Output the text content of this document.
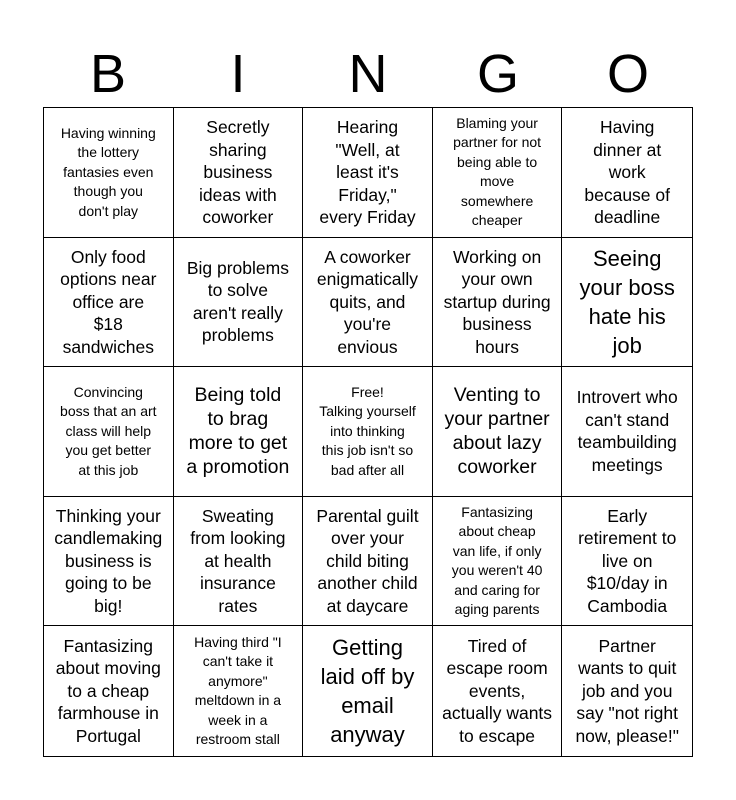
B	I	N	G	O
Having winning
the lottery
fantasies even
though you
don't play
Secretly
sharing
business
ideas with
coworker
Hearing
"Well, at
least it's
Friday,"
every Friday
Blaming your
partner for not
being able to
move
somewhere
cheaper
Having
dinner at
work
because of
deadline
Only food
options near
office are
$18
sandwiches
Big problems
to solve
aren't really
problems
A coworker
enigmatically
quits, and
you're
envious
Working on
your own
startup during
business
hours
Seeing
your boss
hate his
job
Convincing
boss that an art
class will help
you get better
at this job
Being told
to brag
more to get
a promotion
Free!
Talking yourself
into thinking
this job isn't so
bad after all
Venting to
your partner
about lazy
coworker
Introvert who
can't stand
teambuilding
meetings
Thinking your
candlemaking
business is
going to be
big!
Sweating
from looking
at health
insurance
rates
Parental guilt
over your
child biting
another child
at daycare
Fantasizing
about cheap
van life, if only
you weren't 40
and caring for
aging parents
Early
retirement to
live on
$10/day in
Cambodia
Fantasizing
about moving
to a cheap
farmhouse in
Portugal
Having third "I
can't take it
anymore"
meltdown in a
week in a
restroom stall
Getting
laid off by
email
anyway
Tired of
escape room
events,
actually wants
to escape
Partner
wants to quit
job and you
say "not right
now, please!"
